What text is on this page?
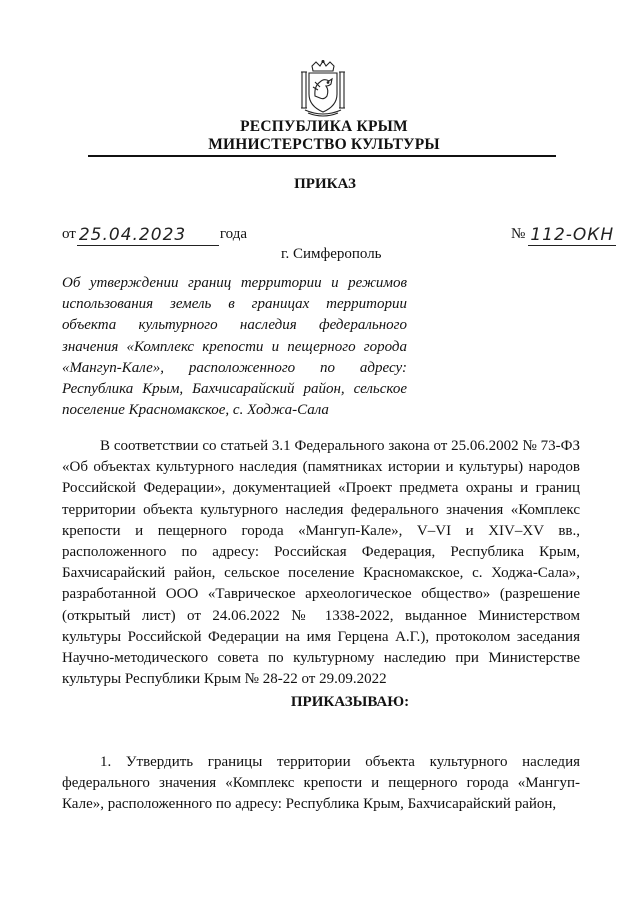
РЕСПУБЛИКА КРЫМ
МИНИСТЕРСТВО КУЛЬТУРЫ
ПРИКАЗ
от 25.04.2023 года	№ 112-ОКН
г. Симферополь
Об утверждении границ территории и режимов использования земель в границах территории объекта культурного наследия федерального значения «Комплекс крепости и пещерного города «Мангуп-Кале», расположенного по адресу: Республика Крым, Бахчисарайский район, сельское поселение Красномакское, с. Ходжа-Сала
В соответствии со статьей 3.1 Федерального закона от 25.06.2002 № 73-ФЗ «Об объектах культурного наследия (памятниках истории и культуры) народов Российской Федерации», документацией «Проект предмета охраны и границ территории объекта культурного наследия федерального значения «Комплекс крепости и пещерного города «Мангуп-Кале», V–VI и XIV–XV вв., расположенного по адресу: Российская Федерация, Республика Крым, Бахчисарайский район, сельское поселение Красномакское, с. Ходжа-Сала», разработанной ООО «Таврическое археологическое общество» (разрешение (открытый лист) от 24.06.2022 № 1338-2022, выданное Министерством культуры Российской Федерации на имя Герцена А.Г.), протоколом заседания Научно-методического совета по культурному наследию при Министерстве культуры Республики Крым № 28-22 от 29.09.2022
ПРИКАЗЫВАЮ:
1. Утвердить границы территории объекта культурного наследия федерального значения «Комплекс крепости и пещерного города «Мангуп-Кале», расположенного по адресу: Республика Крым, Бахчисарайский район,
